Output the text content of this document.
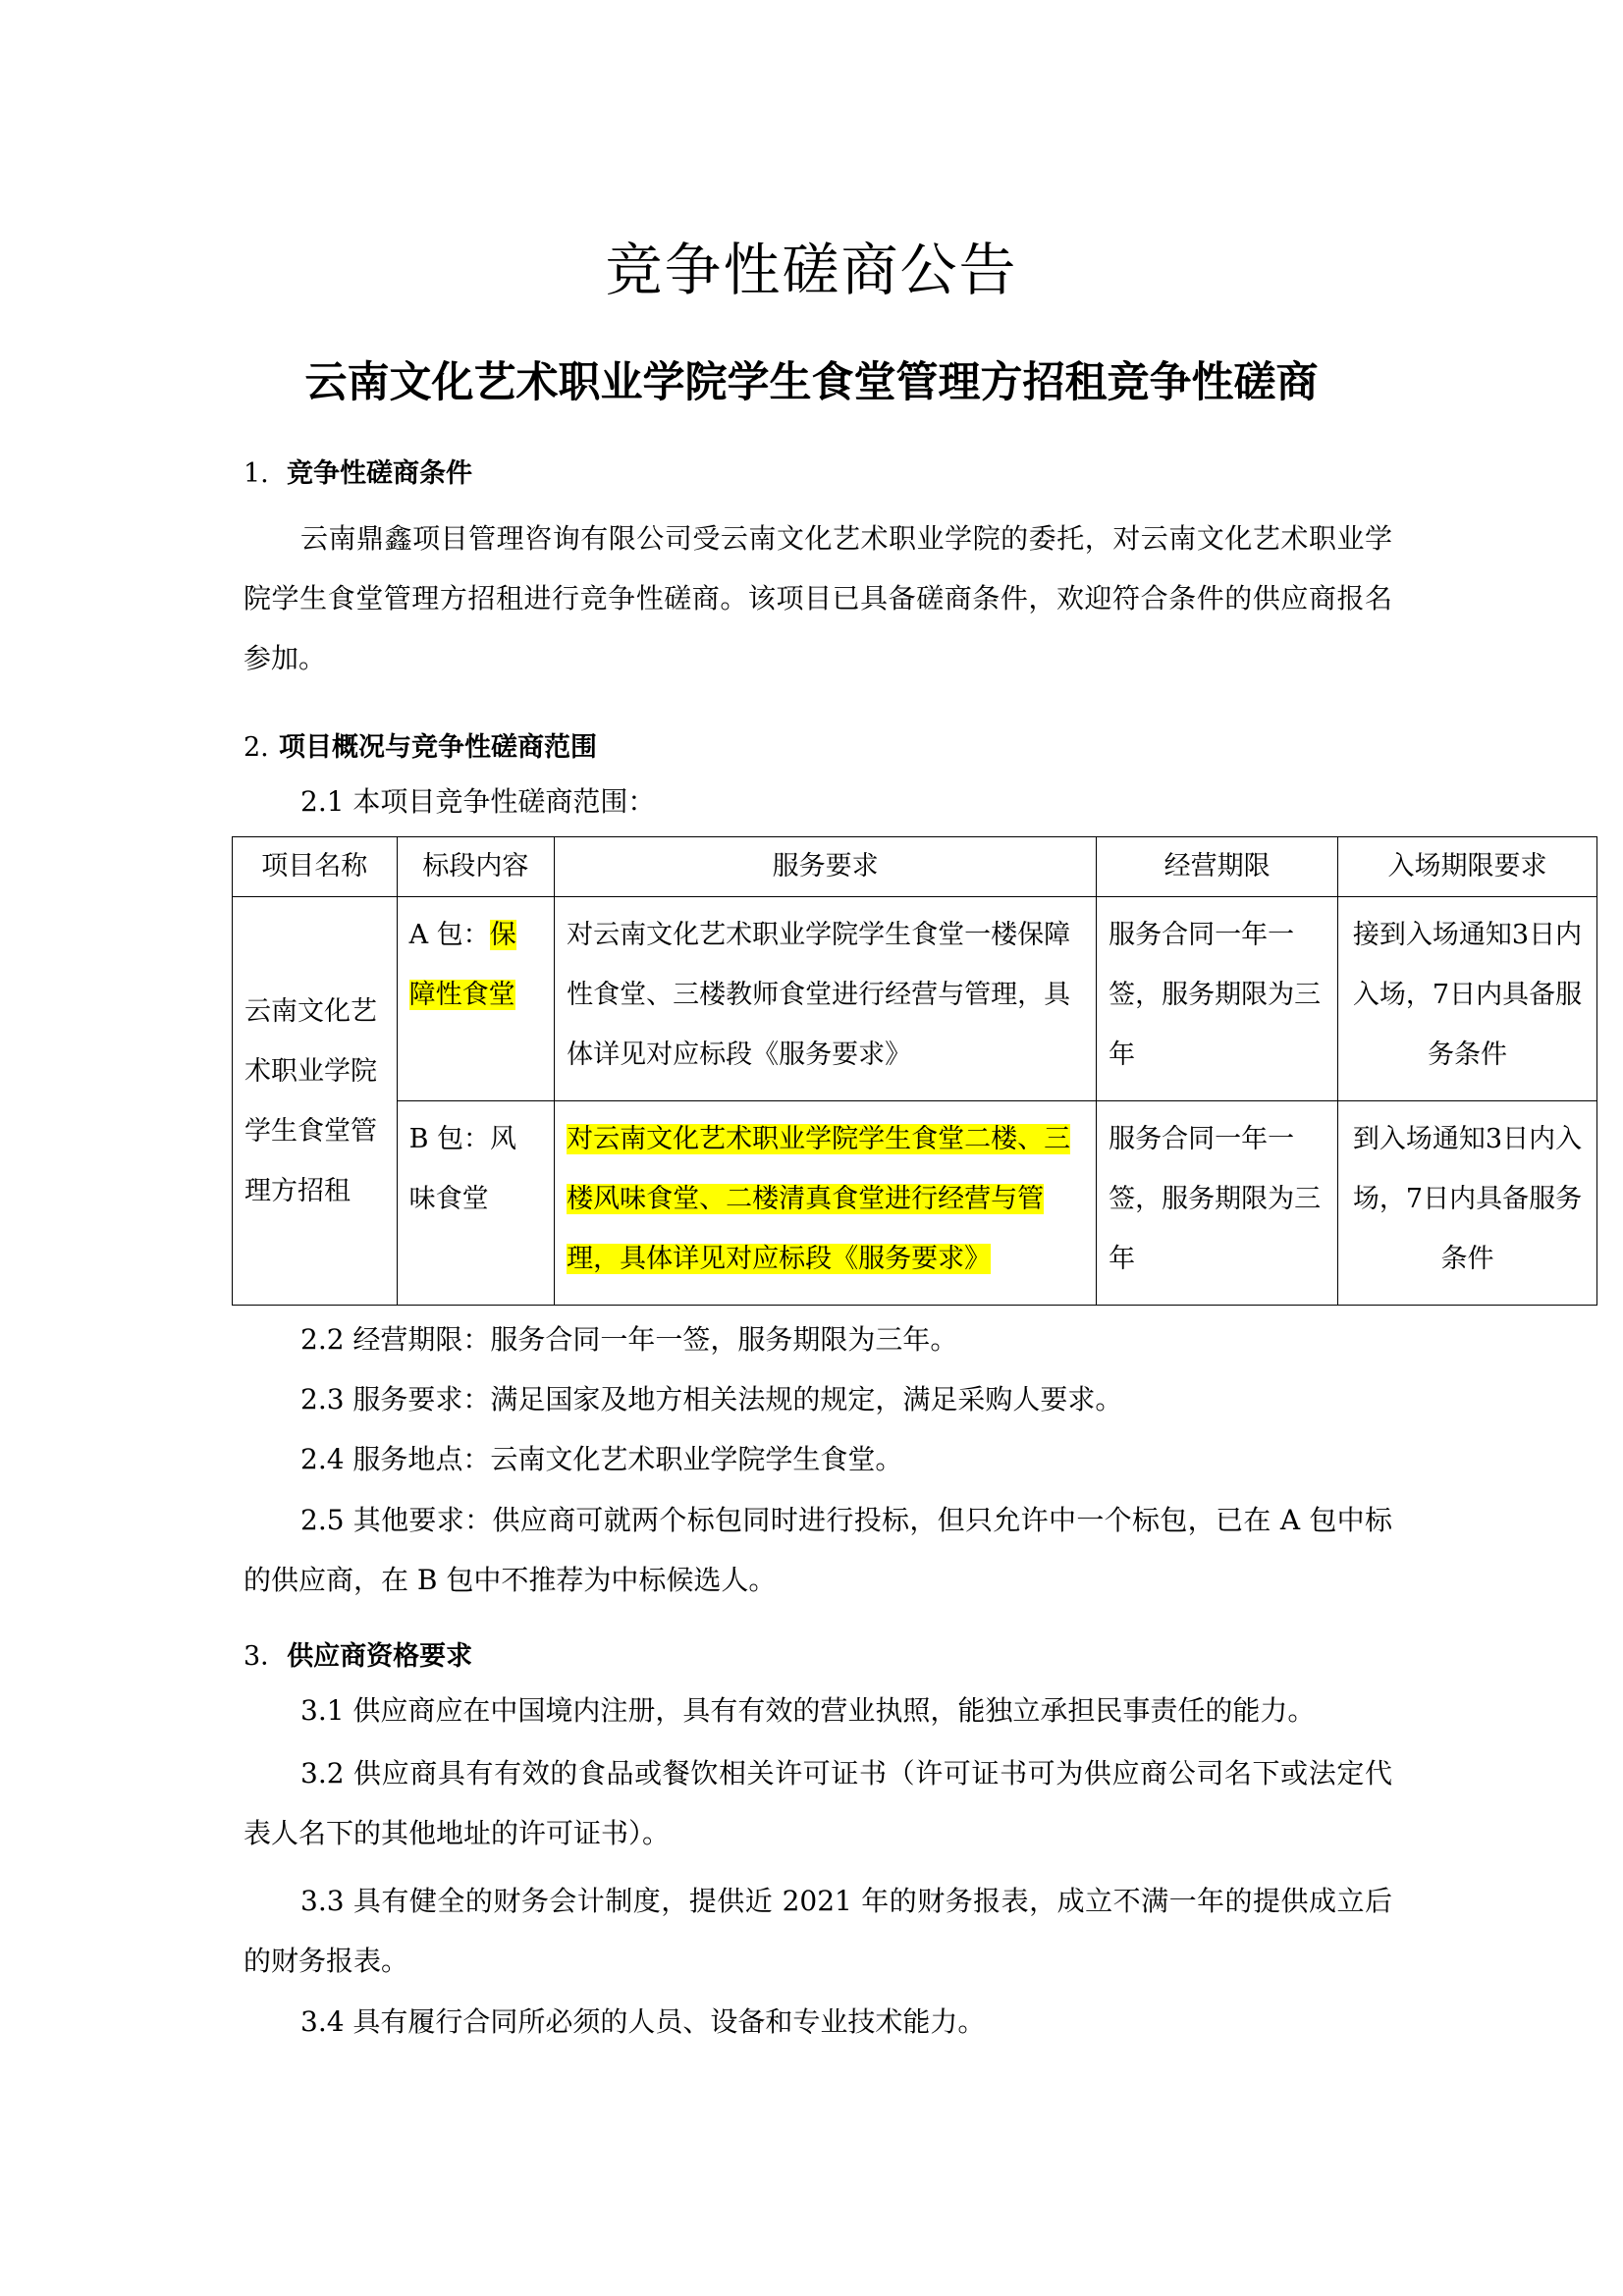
竞争性磋商公告
云南文化艺术职业学院学生食堂管理方招租竞争性磋商
1. 竞争性磋商条件
云南鼎鑫项目管理咨询有限公司受云南文化艺术职业学院的委托，对云南文化艺术职业学院学生食堂管理方招租进行竞争性磋商。该项目已具备磋商条件，欢迎符合条件的供应商报名参加。
2. 项目概况与竞争性磋商范围
2.1 本项目竞争性磋商范围：
项目名称	标段内容	服务要求	经营期限	入场期限要求
云南文化艺术职业学院学生食堂管理方招租	A 包：保障性食堂	对云南文化艺术职业学院学生食堂一楼保障性食堂、三楼教师食堂进行经营与管理，具体详见对应标段《服务要求》	服务合同一年一签，服务期限为三年	接到入场通知3日内入场，7日内具备服务条件
	B 包：风味食堂	对云南文化艺术职业学院学生食堂二楼、三楼风味食堂、二楼清真食堂进行经营与管理，具体详见对应标段《服务要求》	服务合同一年一签，服务期限为三年	到入场通知3日内入场，7日内具备服务条件
2.2 经营期限：服务合同一年一签，服务期限为三年。
2.3 服务要求：满足国家及地方相关法规的规定，满足采购人要求。
2.4 服务地点：云南文化艺术职业学院学生食堂。
2.5 其他要求：供应商可就两个标包同时进行投标，但只允许中一个标包，已在 A 包中标的供应商，在 B 包中不推荐为中标候选人。
3．供应商资格要求
3.1 供应商应在中国境内注册，具有有效的营业执照，能独立承担民事责任的能力。
3.2 供应商具有有效的食品或餐饮相关许可证书（许可证书可为供应商公司名下或法定代表人名下的其他地址的许可证书）。
3.3 具有健全的财务会计制度，提供近 2021 年的财务报表，成立不满一年的提供成立后的财务报表。
3.4 具有履行合同所必须的人员、设备和专业技术能力。
